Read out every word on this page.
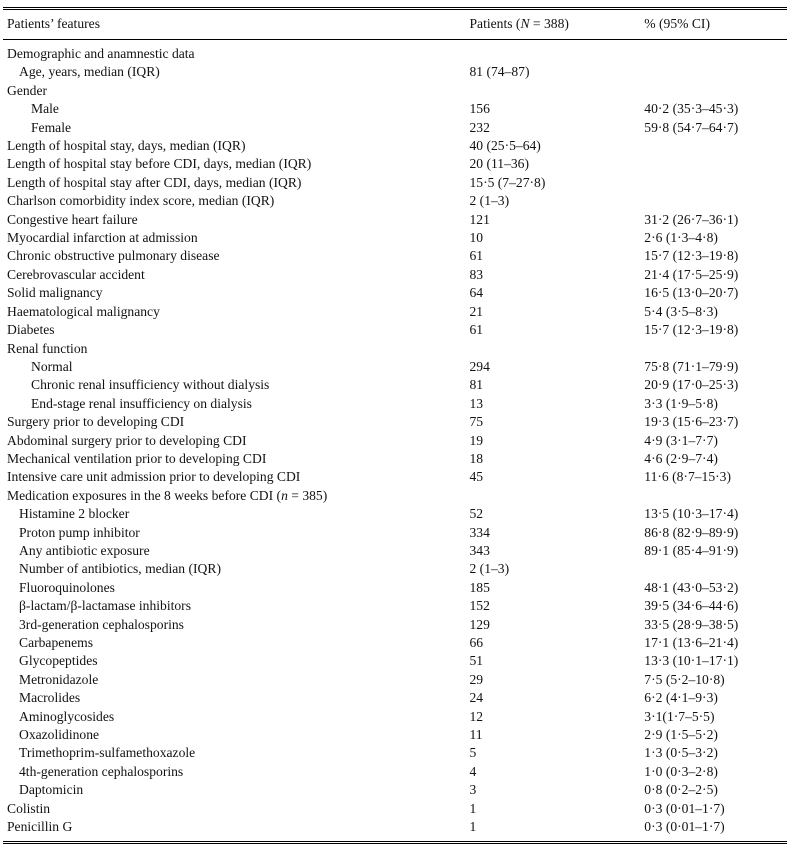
Patients’ features	Patients (N = 388)	% (95% CI)
Demographic and anamnestic data		
Age, years, median (IQR)	81 (74–87)	
Gender		
Male	156	40·2 (35·3–45·3)
Female	232	59·8 (54·7–64·7)
Length of hospital stay, days, median (IQR)	40 (25·5–64)	
Length of hospital stay before CDI, days, median (IQR)	20 (11–36)	
Length of hospital stay after CDI, days, median (IQR)	15·5 (7–27·8)	
Charlson comorbidity index score, median (IQR)	2 (1–3)	
Congestive heart failure	121	31·2 (26·7–36·1)
Myocardial infarction at admission	10	2·6 (1·3–4·8)
Chronic obstructive pulmonary disease	61	15·7 (12·3–19·8)
Cerebrovascular accident	83	21·4 (17·5–25·9)
Solid malignancy	64	16·5 (13·0–20·7)
Haematological malignancy	21	5·4 (3·5–8·3)
Diabetes	61	15·7 (12·3–19·8)
Renal function		
Normal	294	75·8 (71·1–79·9)
Chronic renal insufficiency without dialysis	81	20·9 (17·0–25·3)
End-stage renal insufficiency on dialysis	13	3·3 (1·9–5·8)
Surgery prior to developing CDI	75	19·3 (15·6–23·7)
Abdominal surgery prior to developing CDI	19	4·9 (3·1–7·7)
Mechanical ventilation prior to developing CDI	18	4·6 (2·9–7·4)
Intensive care unit admission prior to developing CDI	45	11·6 (8·7–15·3)
Medication exposures in the 8 weeks before CDI (n = 385)		
Histamine 2 blocker	52	13·5 (10·3–17·4)
Proton pump inhibitor	334	86·8 (82·9–89·9)
Any antibiotic exposure	343	89·1 (85·4–91·9)
Number of antibiotics, median (IQR)	2 (1–3)	
Fluoroquinolones	185	48·1 (43·0–53·2)
β-lactam/β-lactamase inhibitors	152	39·5 (34·6–44·6)
3rd-generation cephalosporins	129	33·5 (28·9–38·5)
Carbapenems	66	17·1 (13·6–21·4)
Glycopeptides	51	13·3 (10·1–17·1)
Metronidazole	29	7·5 (5·2–10·8)
Macrolides	24	6·2 (4·1–9·3)
Aminoglycosides	12	3·1(1·7–5·5)
Oxazolidinone	11	2·9 (1·5–5·2)
Trimethoprim-sulfamethoxazole	5	1·3 (0·5–3·2)
4th-generation cephalosporins	4	1·0 (0·3–2·8)
Daptomicin	3	0·8 (0·2–2·5)
Colistin	1	0·3 (0·01–1·7)
Penicillin G	1	0·3 (0·01–1·7)
